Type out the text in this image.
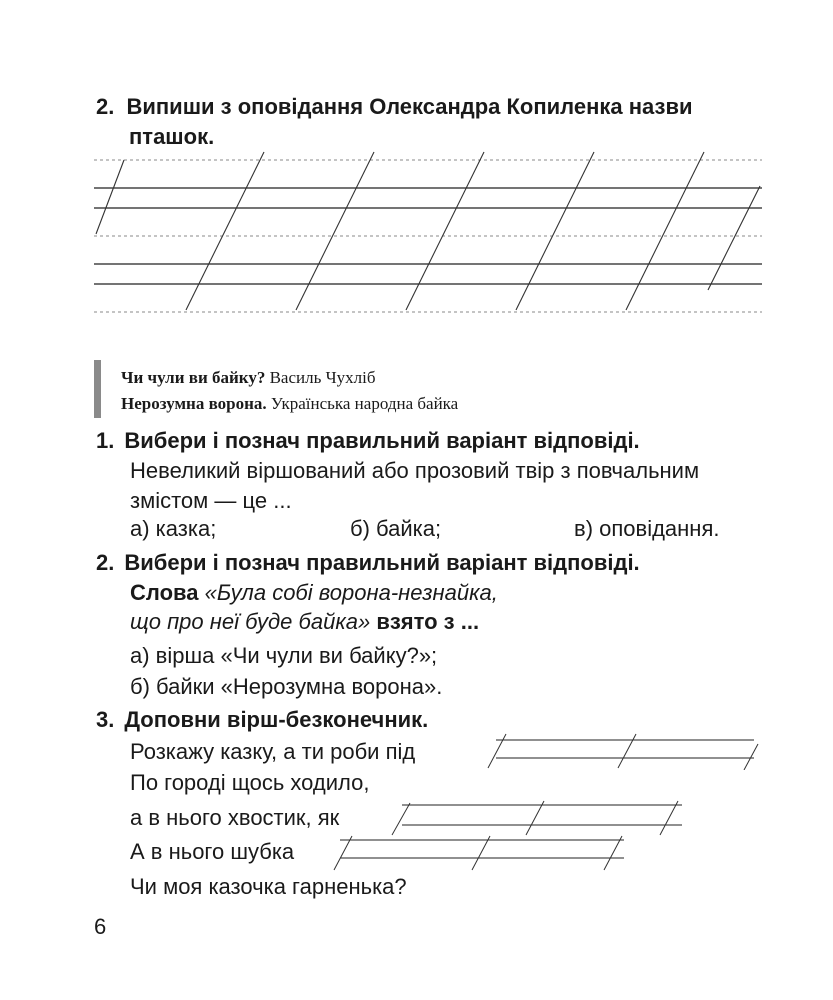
2. Випиши з оповідання Олександра Копиленка назви
пташок.
Чи чули ви байку? Василь Чухліб
Нерозумна ворона. Українська народна байка
1. Вибери і познач правильний варіант відповіді.
Невеликий віршований або прозовий твір з повчальним
змістом — це ...
а) казка;	б) байка;	в) оповідання.
2. Вибери і познач правильний варіант відповіді.
Слова «Була собі ворона-незнайка,
що про неї буде байка» взято з ...
а) вірша «Чи чули ви байку?»;
б) байки «Нерозумна ворона».
3. Доповни вірш-безконечник.
Розкажу казку, а ти роби під
По городі щось ходило,
а в нього хвостик, як
А в нього шубка
Чи моя казочка гарненька?
6
